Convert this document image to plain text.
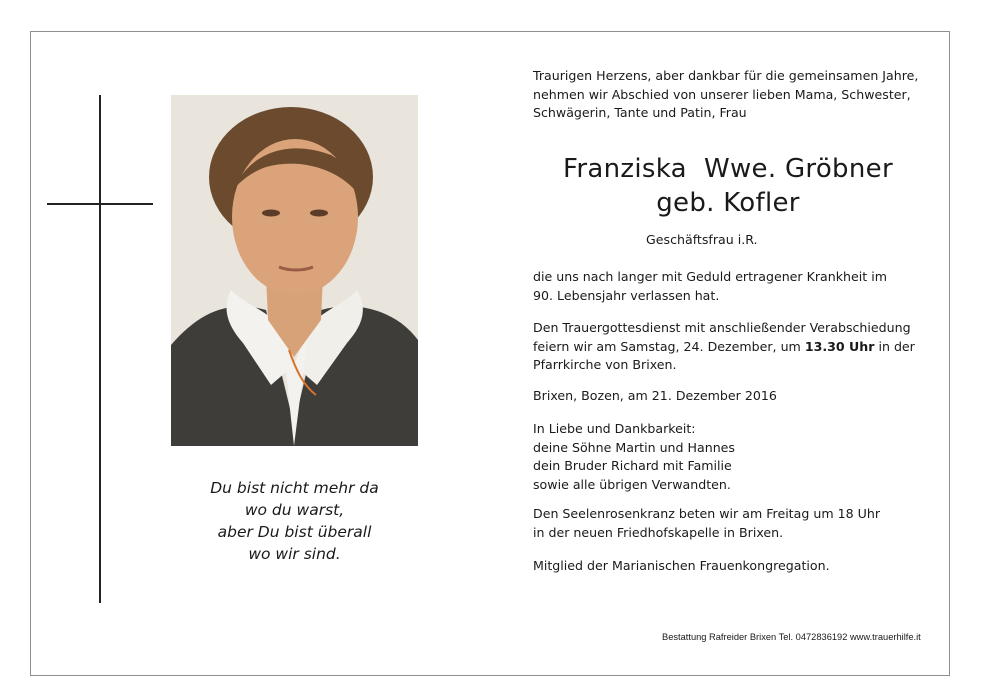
Du bist nicht mehr da
wo du warst,
aber Du bist überall
wo wir sind.
Traurigen Herzens, aber dankbar für die gemeinsamen Jahre,
nehmen wir Abschied von unserer lieben Mama, Schwester,
Schwägerin, Tante und Patin, Frau
Franziska  Wwe. Gröbner
geb. Kofler
Geschäftsfrau i.R.
die uns nach langer mit Geduld ertragener Krankheit im
90. Lebensjahr verlassen hat.
Den Trauergottesdienst mit anschließender Verabschiedung
feiern wir am Samstag, 24. Dezember, um 13.30 Uhr in der
Pfarrkirche von Brixen.
Brixen, Bozen, am 21. Dezember 2016
In Liebe und Dankbarkeit:
deine Söhne Martin und Hannes
dein Bruder Richard mit Familie
sowie alle übrigen Verwandten.
Den Seelenrosenkranz beten wir am Freitag um 18 Uhr
in der neuen Friedhofskapelle in Brixen.
Mitglied der Marianischen Frauenkongregation.
Bestattung Rafreider Brixen Tel. 0472836192 www.trauerhilfe.it
